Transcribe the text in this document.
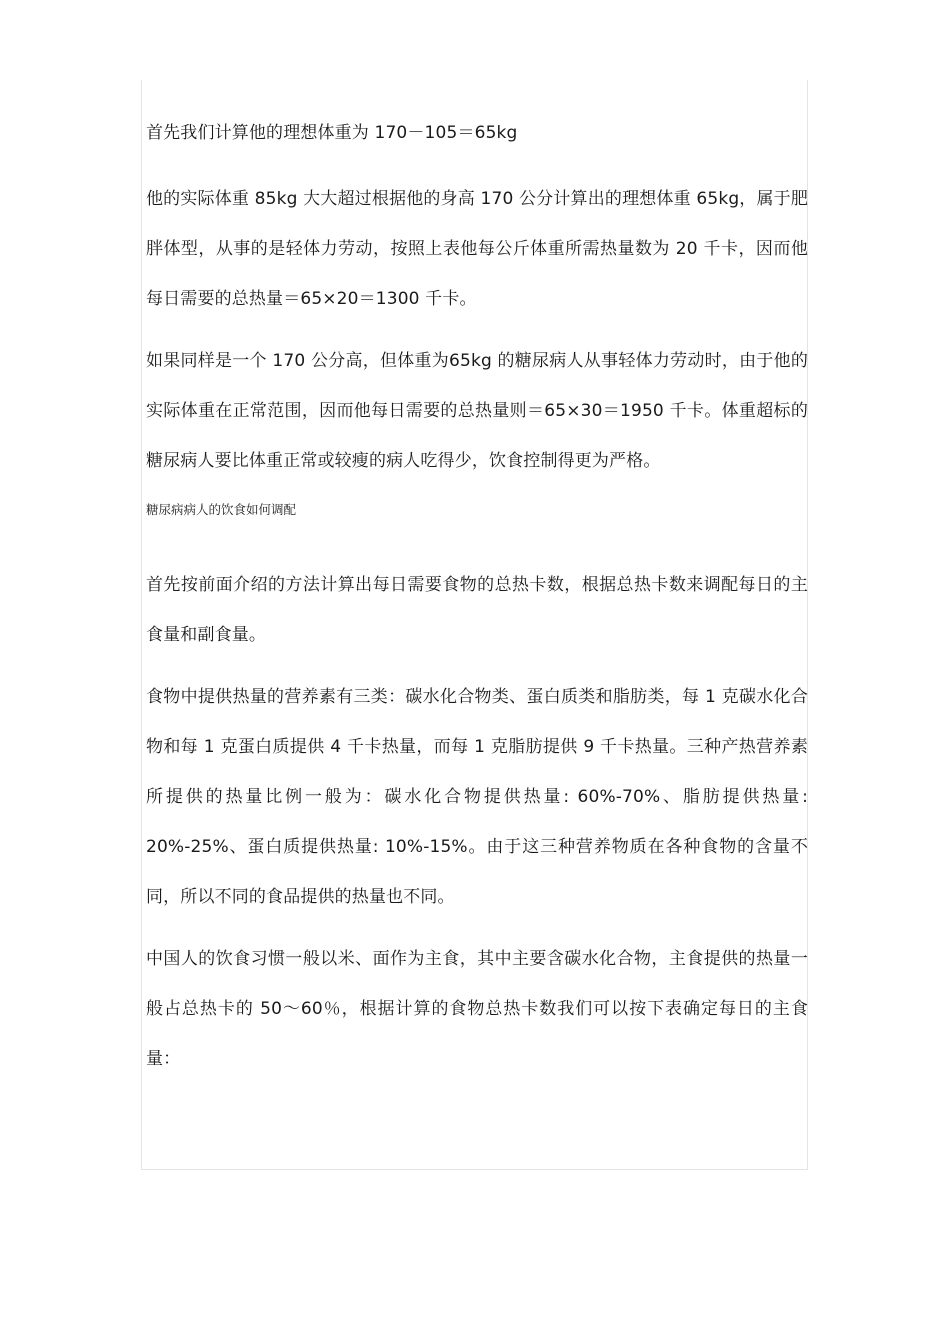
首先我们计算他的理想体重为 170－105＝65kg

他的实际体重 85kg 大大超过根据他的身高 170 公分计算出的理想体重 65kg，属于肥胖体型，从事的是轻体力劳动，按照上表他每公斤体重所需热量数为 20 千卡，因而他每日需要的总热量＝65×20＝1300 千卡。

如果同样是一个 170 公分高，但体重为65kg 的糖尿病人从事轻体力劳动时，由于他的实际体重在正常范围，因而他每日需要的总热量则＝65×30＝1950 千卡。体重超标的糖尿病人要比体重正常或较瘦的病人吃得少，饮食控制得更为严格。

糖尿病病人的饮食如何调配

首先按前面介绍的方法计算出每日需要食物的总热卡数，根据总热卡数来调配每日的主食量和副食量。

食物中提供热量的营养素有三类：碳水化合物类、蛋白质类和脂肪类，每 1 克碳水化合物和每 1 克蛋白质提供 4 千卡热量，而每 1 克脂肪提供 9 千卡热量。三种产热营养素所提供的热量比例一般为：碳水化合物提供热量: 60%-70%、脂肪提供热量: 20%-25%、蛋白质提供热量: 10%-15%。由于这三种营养物质在各种食物的含量不同，所以不同的食品提供的热量也不同。

中国人的饮食习惯一般以米、面作为主食，其中主要含碳水化合物，主食提供的热量一般占总热卡的 50～60％，根据计算的食物总热卡数我们可以按下表确定每日的主食量：
